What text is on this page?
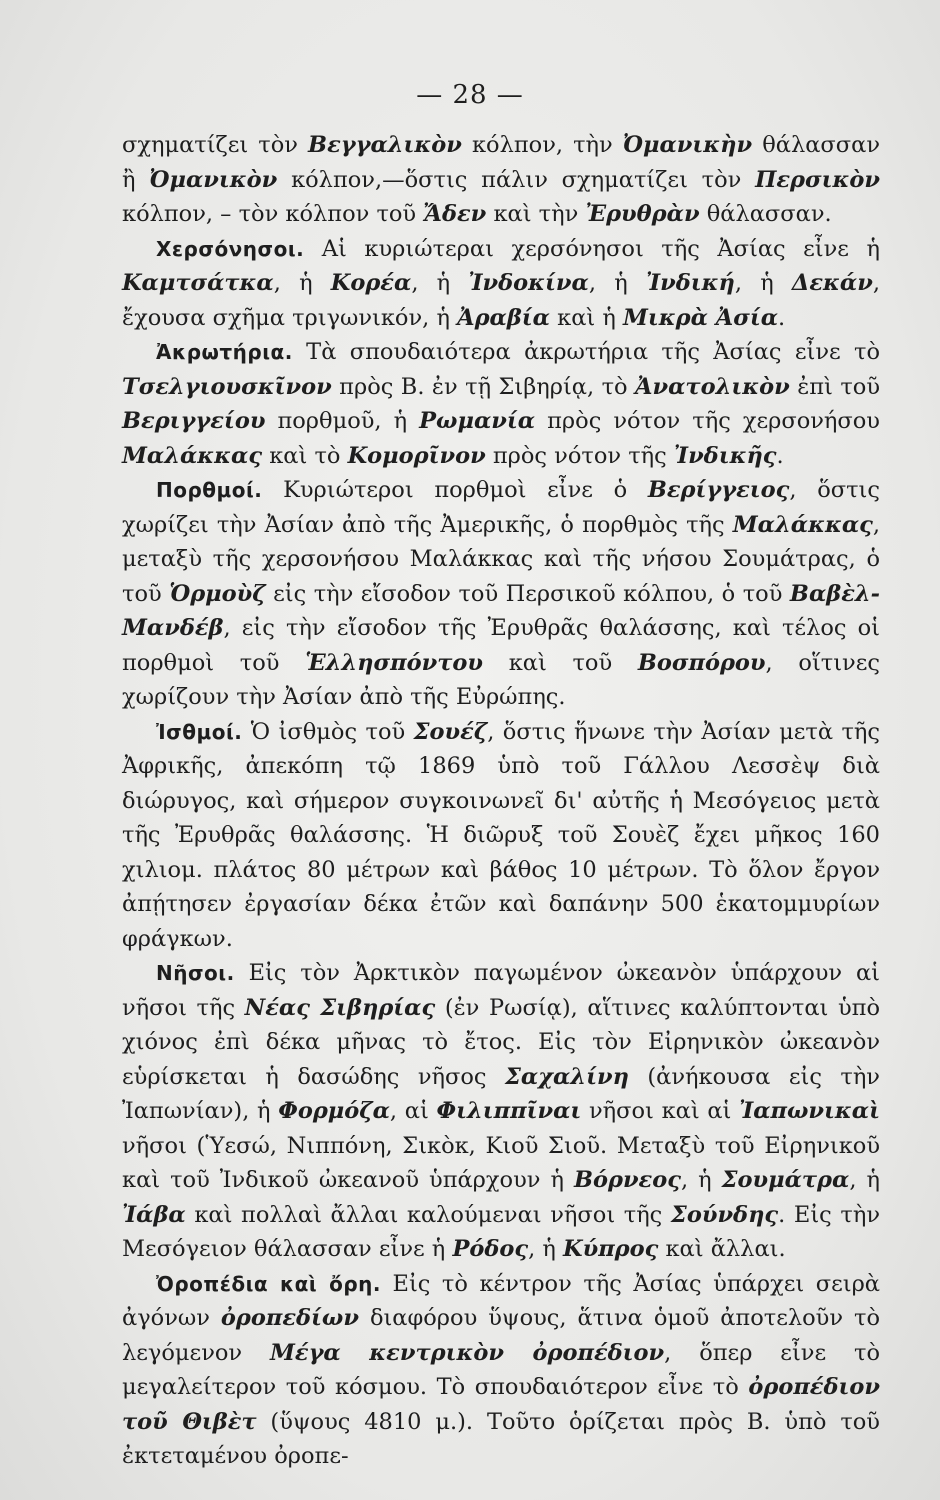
— 28 —

σχηματίζει τὸν Βεγγαλικὸν κόλπον, τὴν Ὀμανικὴν θάλασσαν ἢ Ὀμανικὸν κόλπον,—ὅστις πάλιν σχηματίζει τὸν Περσικὸν κόλπον, – τὸν κόλπον τοῦ Ἄδεν καὶ τὴν Ἐρυθρὰν θάλασσαν.

Χερσόνησοι. Αἱ κυριώτεραι χερσόνησοι τῆς Ἀσίας εἶνε ἡ Καμτσάτκα, ἡ Κορέα, ἡ Ἰνδοκίνα, ἡ Ἰνδική, ἡ Δεκάν, ἔχουσα σχῆμα τριγωνικόν, ἡ Ἀραβία καὶ ἡ Μικρὰ Ἀσία.

Ἀκρωτήρια. Τὰ σπουδαιότερα ἀκρωτήρια τῆς Ἀσίας εἶνε τὸ Τσελγιουσκῖνον πρὸς Β. ἐν τῇ Σιβηρίᾳ, τὸ Ἀνατολικὸν ἐπὶ τοῦ Βεριγγείου πορθμοῦ, ἡ Ρωμανία πρὸς νότον τῆς χερσονήσου Μαλάκκας καὶ τὸ Κομορῖνον πρὸς νότον τῆς Ἰνδικῆς.

Πορθμοί. Κυριώτεροι πορθμοὶ εἶνε ὁ Βερίγγειος, ὅστις χωρίζει τὴν Ἀσίαν ἀπὸ τῆς Ἀμερικῆς, ὁ πορθμὸς τῆς Μαλάκκας, μεταξὺ τῆς χερσονήσου Μαλάκκας καὶ τῆς νήσου Σουμάτρας, ὁ τοῦ Ὁρμοὺζ εἰς τὴν εἴσοδον τοῦ Περσικοῦ κόλπου, ὁ τοῦ Βαβὲλ-Μανδέβ, εἰς τὴν εἴσοδον τῆς Ἐρυθρᾶς θαλάσσης, καὶ τέλος οἱ πορθμοὶ τοῦ Ἑλλησπόντου καὶ τοῦ Βοσπόρου, οἵτινες χωρίζουν τὴν Ἀσίαν ἀπὸ τῆς Εὐρώπης.

Ἰσθμοί. Ὁ ἰσθμὸς τοῦ Σουέζ, ὅστις ἥνωνε τὴν Ἀσίαν μετὰ τῆς Ἀφρικῆς, ἀπεκόπη τῷ 1869 ὑπὸ τοῦ Γάλλου Λεσσὲψ διὰ διώρυγος, καὶ σήμερον συγκοινωνεῖ δι' αὐτῆς ἡ Μεσόγειος μετὰ τῆς Ἐρυθρᾶς θαλάσσης. Ἡ διῶρυξ τοῦ Σουὲζ ἔχει μῆκος 160 χιλιομ. πλάτος 80 μέτρων καὶ βάθος 10 μέτρων. Τὸ ὅλον ἔργον ἀπῄτησεν ἐργασίαν δέκα ἐτῶν καὶ δαπάνην 500 ἑκατομμυρίων φράγκων.

Νῆσοι. Εἰς τὸν Ἀρκτικὸν παγωμένον ὠκεανὸν ὑπάρχουν αἱ νῆσοι τῆς Νέας Σιβηρίας (ἐν Ρωσίᾳ), αἵτινες καλύπτονται ὑπὸ χιόνος ἐπὶ δέκα μῆνας τὸ ἔτος. Εἰς τὸν Εἰρηνικὸν ὠκεανὸν εὑρίσκεται ἡ δασώδης νῆσος Σαχαλίνη (ἀνήκουσα εἰς τὴν Ἰαπωνίαν), ἡ Φορμόζα, αἱ Φιλιππῖναι νῆσοι καὶ αἱ Ἰαπωνικαὶ νῆσοι (Ὑεσώ, Νιππόνη, Σικὸκ, Κιοῦ Σιοῦ. Μεταξὺ τοῦ Εἰρηνικοῦ καὶ τοῦ Ἰνδικοῦ ὠκεανοῦ ὑπάρχουν ἡ Βόρνεος, ἡ Σουμάτρα, ἡ Ἰάβα καὶ πολλαὶ ἄλλαι καλούμεναι νῆσοι τῆς Σούνδης. Εἰς τὴν Μεσόγειον θάλασσαν εἶνε ἡ Ρόδος, ἡ Κύπρος καὶ ἄλλαι.

Ὀροπέδια καὶ ὄρη. Εἰς τὸ κέντρον τῆς Ἀσίας ὑπάρχει σειρὰ ἀγόνων ὀροπεδίων διαφόρου ὕψους, ἅτινα ὁμοῦ ἀποτελοῦν τὸ λεγόμενον Μέγα κεντρικὸν ὀροπέδιον, ὅπερ εἶνε τὸ μεγαλείτερον τοῦ κόσμου. Τὸ σπουδαιότερον εἶνε τὸ ὀροπέδιον τοῦ Θιβὲτ (ὕψους 4810 μ.). Τοῦτο ὁρίζεται πρὸς Β. ὑπὸ τοῦ ἐκτεταμένου ὀροπε-
